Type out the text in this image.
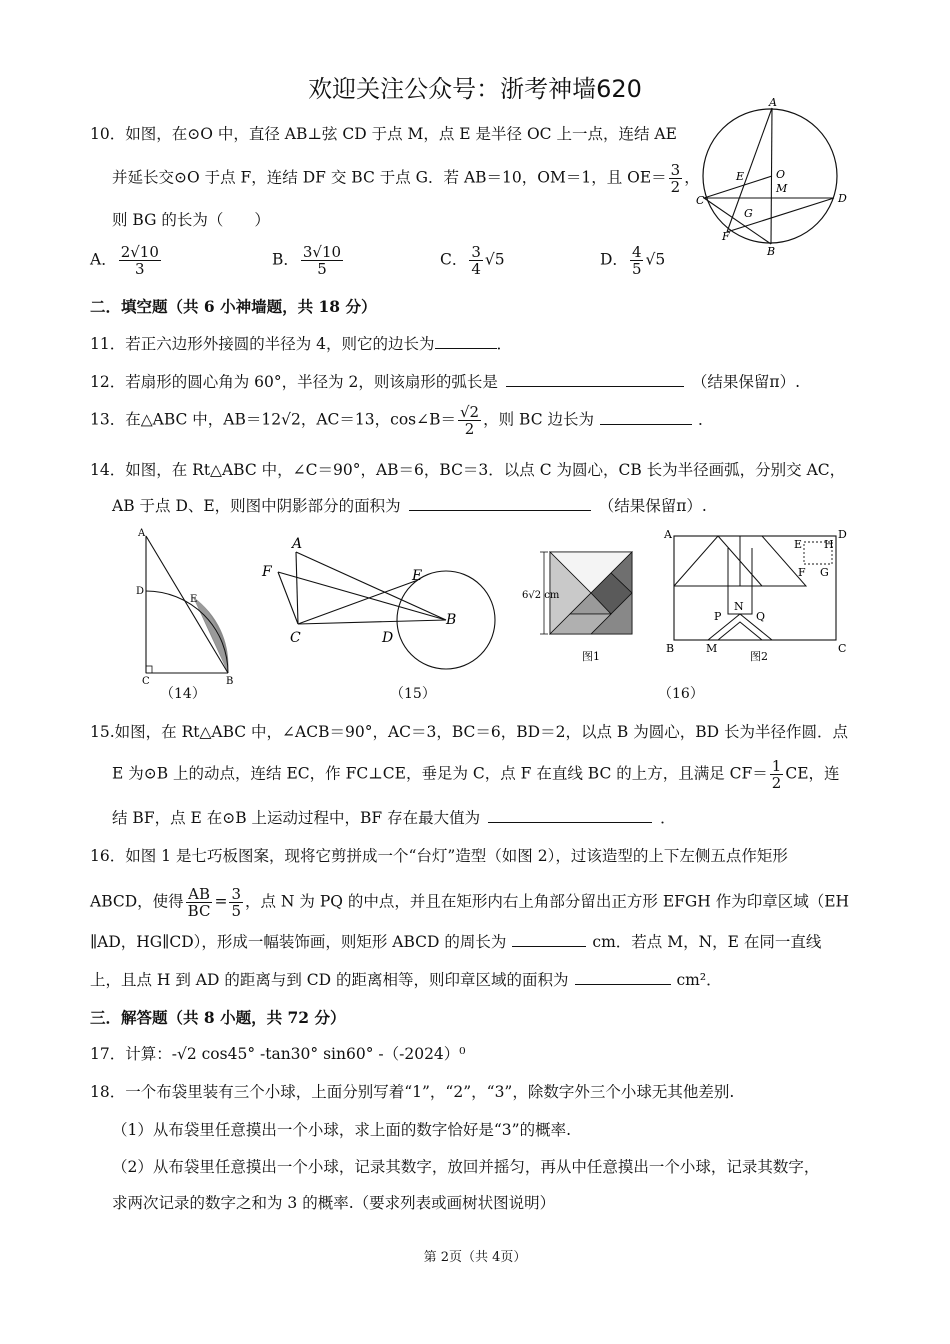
欢迎关注公众号：浙考神墙620
10．如图，在⊙O 中，直径 AB⊥弦 CD 于点 M，点 E 是半径 OC 上一点，连结 AE
并延长交⊙O 于点 F，连结 DF 交 BC 于点 G．若 AB＝10，OM＝1，且 $OE= \frac{3}{2}$ ，
则 BG 的长为（　　）
A． $\frac{2√10}{3}$	B． $\frac{3√10}{5}$	C． $\frac{3}{4} √5$	D． $\frac{4}{5} √5$
A
E	O
M
C	D
G
F
B
二．填空题（共 6 小神墙题，共 18 分）
11．若正六边形外接圆的半径为 4，则它的边长为	．
12．若扇形的圆心角为 60°，半径为 2，则该扇形的弧长是	（结果保留π）.
13．在△ABC 中，AB＝12√2，AC＝13，cos∠B＝ $\frac{√2}{2}$ ，则 BC 边长为	．
14．如图，在 Rt△ABC 中，∠C＝90°，AB＝6，BC＝3．以点 C 为圆心，CB 长为半径画弧，分别交 AC，
AB 于点 D、E，则图中阴影部分的面积为	（结果保留π）.
A
D
E
C	B
（14）
A
F	E
C	D
B
（15）
6√2 cm
图1
A	D
E H
F G
N
P	Q
B	M	C
图2
（16）
15.如图，在 Rt△ABC 中，∠ACB＝90°，AC＝3，BC＝6，BD＝2，以点 B 为圆心，BD 长为半径作圆．点
E 为⊙B 上的动点，连结 EC，作 FC⊥CE，垂足为 C，点 F 在直线 BC 的上方，且满足 $CF= \frac{1}{2}$ CE，连
结 BF，点 E 在⊙B 上运动过程中，BF 存在最大值为	．
16．如图 1 是七巧板图案，现将它剪拼成一个“台灯”造型（如图 2），过该造型的上下左侧五点作矩形
ABCD，使得 $\frac{AB}{BC} = \frac{3}{5}$ ，点 N 为 PQ 的中点，并且在矩形内右上角部分留出正方形 EFGH 作为印章区域（EH
∥AD，HG∥CD），形成一幅装饰画，则矩形 ABCD 的周长为	cm．若点 M，N，E 在同一直线
上，且点 H 到 AD 的距离与到 CD 的距离相等，则印章区域的面积为	cm²．
三．解答题（共 8 小题，共 72 分）
17．计算：-√2 cos45° -tan30° sin60° -（-2024）⁰
18．一个布袋里装有三个小球，上面分别写着“1”，“2”，“3”，除数字外三个小球无其他差别.
（1）从布袋里任意摸出一个小球，求上面的数字恰好是“3”的概率.
（2）从布袋里任意摸出一个小球，记录其数字，放回并摇匀，再从中任意摸出一个小球，记录其数字，
求两次记录的数字之和为 3 的概率.（要求列表或画树状图说明）
第 2页（共 4页）
